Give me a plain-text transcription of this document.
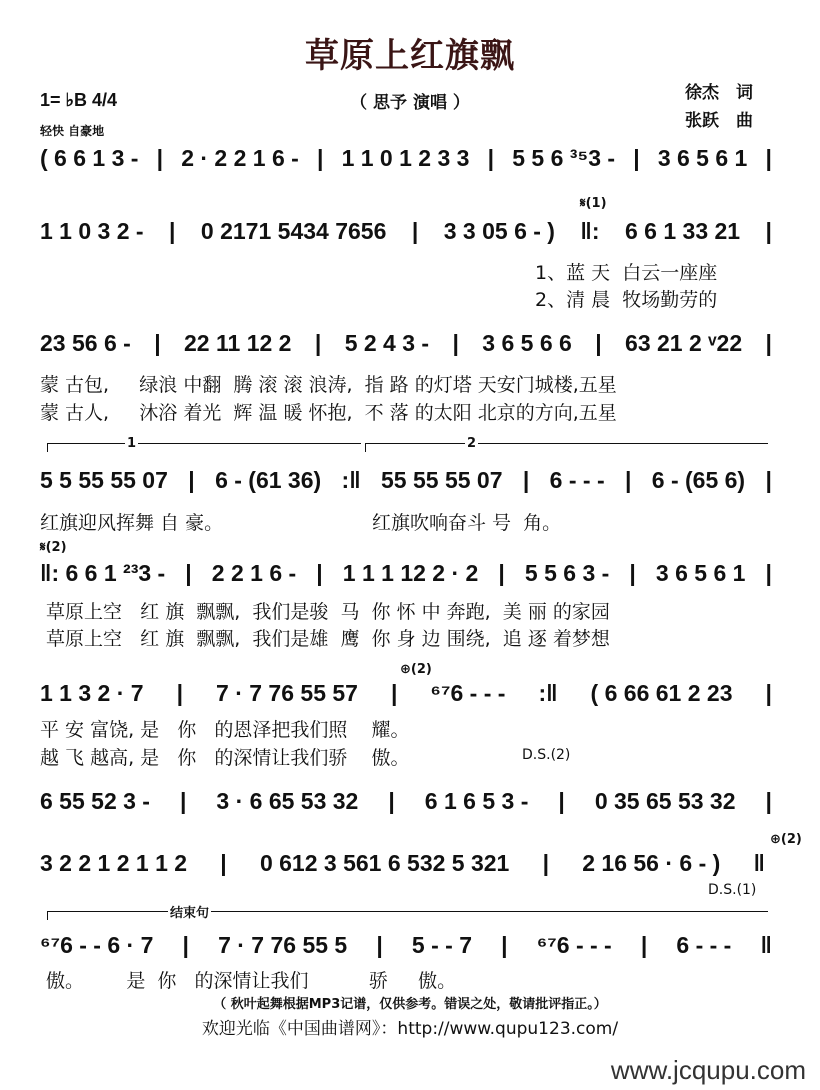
草原上红旗飘
（ 思予 演唱 ）	徐杰　词
张跃　曲
1= ♭B 4/4
轻快 自豪地
( 6 6 1 3 - | 2 · 2 2 1 6 - | 1 1 0 1 2 3 3 | 5 5 6 ³⁵3 - | 3 6 5 6 1 |
1 1 0 3 2 - | 0 2171 5434 7656 | 3 3 05 6 - ) ‖: 6 6 1 33 21 |
23 56 6 - | 22 11 12 2 | 5 2 4 3 - | 3 6 5 6 6 | 63 21 2 ᵛ22 |
5 5 55 55 07 | 6 - (61 36) :‖ 55 55 55 07 | 6 - - - | 6 - (65 6) |
‖: 6 6 1 ²³3 - | 2 2 1 6 - | 1 1 1 12 2 · 2 | 5 5 6 3 - | 3 6 5 6 1 |
1 1 3 2 · 7 | 7 · 7 76 55 57 | ⁶⁷6 - - - :‖ ( 6 66 61 2 23 |
6 55 52 3 - | 3 · 6 65 53 32 | 6 1 6 5 3 - | 0 35 65 53 32 |
3 2 2 1 2 1 1 2 | 0 612 3 561 6 532 5 321 | 2 16 56 · 6 - ) ‖
⁶⁷6 - - 6 · 7 | 7 · 7 76 55 5 | 5 - - 7 | ⁶⁷6 - - - | 6 - - - ‖
𝄋(1)
1、蓝 天  白云一座座
2、清 晨  牧场勤劳的
蒙 古包,     绿浪 中翻  腾 滚 滚 浪涛,  指 路 的灯塔 天安门城楼,五星
蒙 古人,     沐浴 着光  辉 温 暖 怀抱,  不 落 的太阳 北京的方向,五星
1	2
红旗迎风挥舞 自 豪。	红旗吹响奋斗 号  角。
𝄋(2)
草原上空   红 旗  飘飘,  我们是骏  马  你 怀 中 奔跑,  美 丽 的家园
草原上空   红 旗  飘飘,  我们是雄  鹰  你 身 边 围绕,  追 逐 着梦想
⊕(2)
平 安 富饶, 是   你   的恩泽把我们照    耀。
越 飞 越高, 是   你   的深情让我们骄    傲。	D.S.(2)
⊕(2)
D.S.(1)
结束句
傲。       是  你   的深情让我们          骄     傲。
（ 秋叶起舞根据MP3记谱，仅供参考。错误之处，敬请批评指正。）
欢迎光临《中国曲谱网》：http://www.qupu123.com/
www.jcqupu.com
